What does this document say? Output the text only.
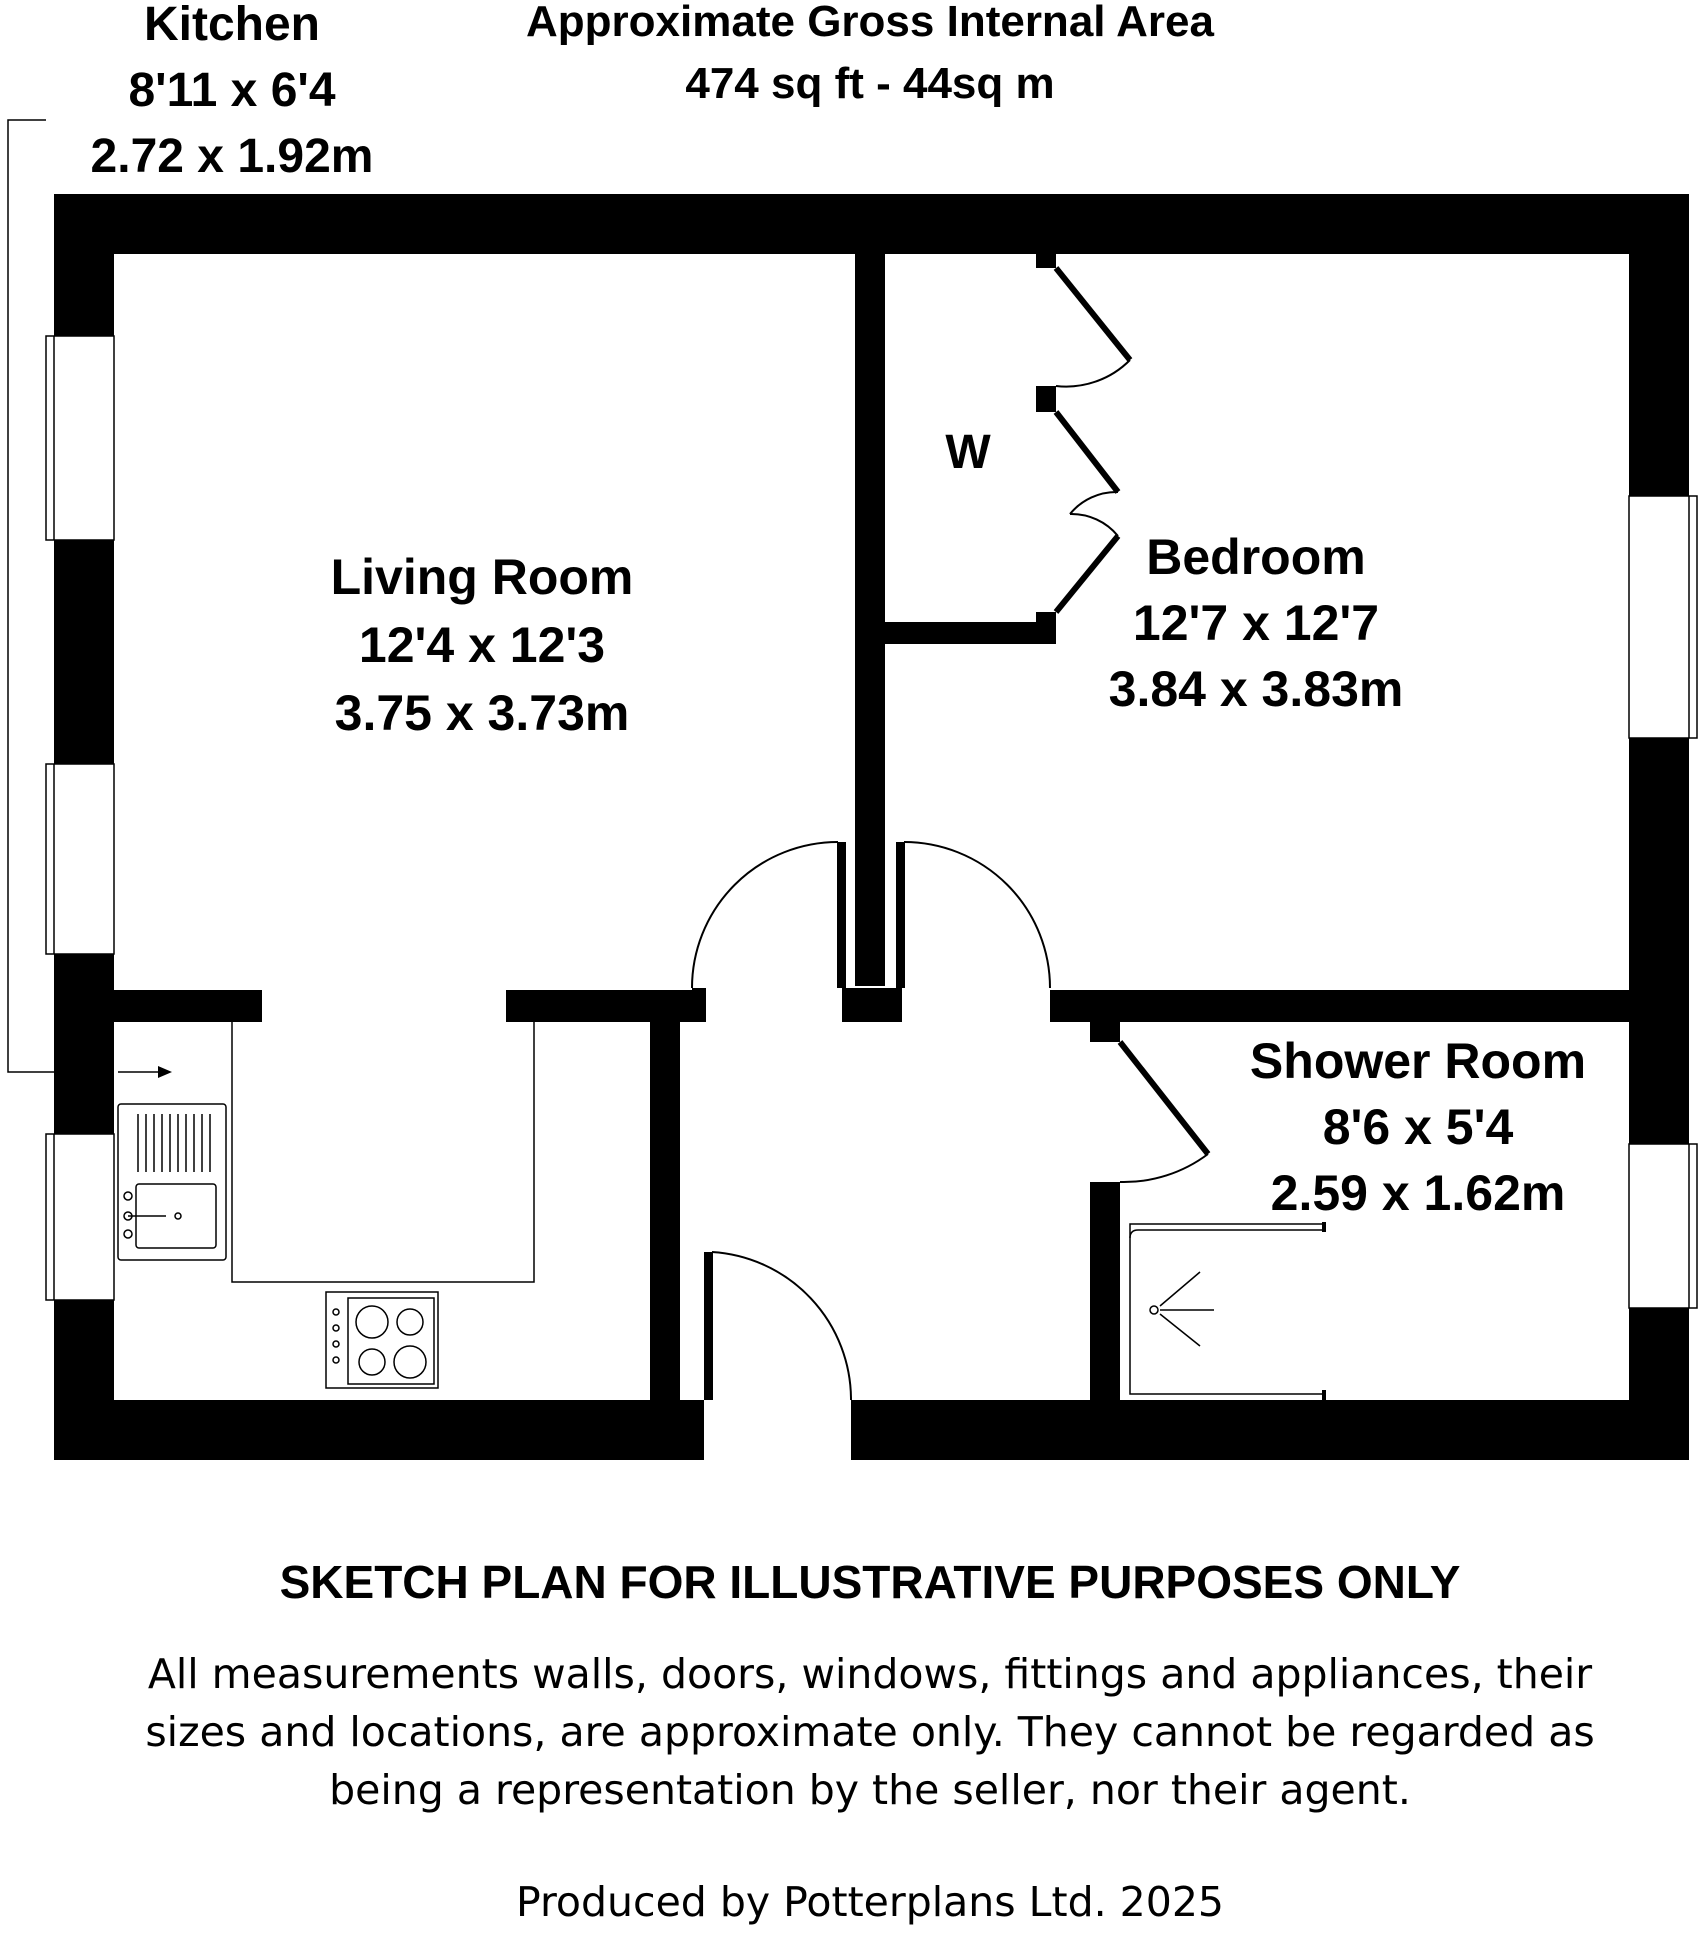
Approximate Gross Internal Area
474 sq ft - 44sq m
Kitchen
8'11 x 6'4
2.72 x 1.92m
Living Room
12'4 x 12'3
3.75 x 3.73m
Bedroom
12'7 x 12'7
3.84 x 3.83m
W
Shower Room
8'6 x 5'4
2.59 x 1.62m
SKETCH PLAN FOR ILLUSTRATIVE PURPOSES ONLY
All measurements walls, doors, windows, fittings and appliances, their
sizes and locations, are approximate only. They cannot be regarded as
being a representation by the seller, nor their agent.
Produced by Potterplans Ltd. 2025
